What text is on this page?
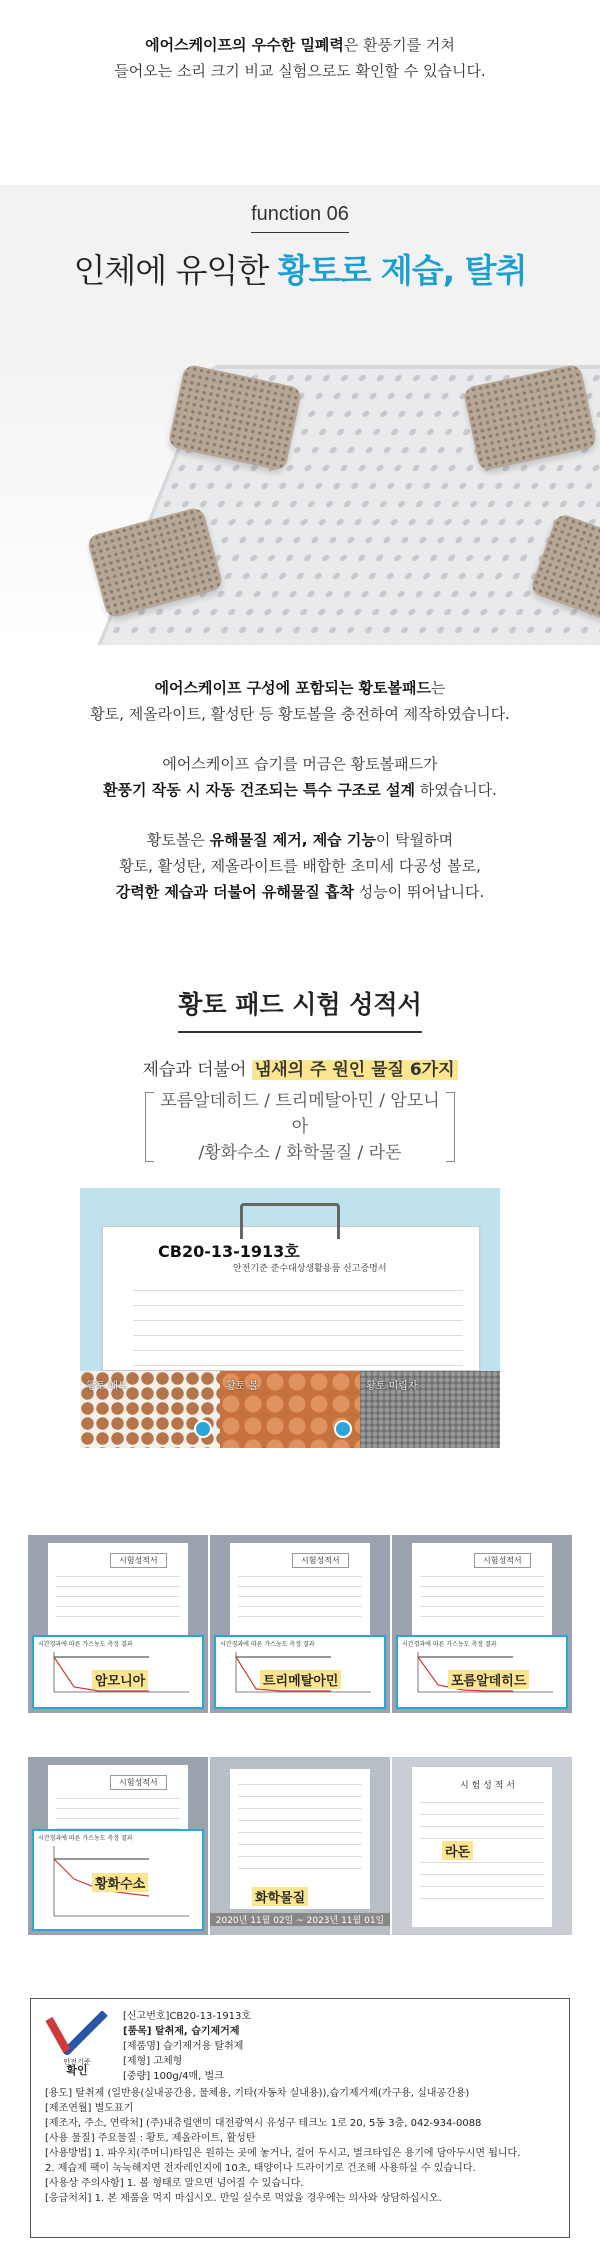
에어스케이프의 우수한 밀폐력은 환풍기를 거쳐
들어오는 소리 크기 비교 실험으로도 확인할 수 있습니다.
function 06
인체에 유익한 황토로 제습, 탈취

에어스케이프 구성에 포함되는 황토볼패드는
황토, 제올라이트, 활성탄 등 황토볼을 충전하여 제작하였습니다.

에어스케이프 습기를 머금은 황토볼패드가
환풍기 작동 시 자동 건조되는 특수 구조로 설계 하였습니다.

황토볼은 유해물질 제거, 제습 기능이 탁월하며
황토, 활성탄, 제올라이트를 배합한 초미세 다공성 볼로,
강력한 제습과 더불어 유해물질 흡착 성능이 뛰어납니다.

황토 패드 시험 성적서
제습과 더불어 냄새의 주 원인 물질 6가지
포름알데히드 / 트리메탈아민 / 암모니아
/황화수소 / 화학물질 / 라돈
CB20-13-1913호
안전기준 준수대상생활용품 신고증명서
황토 패드	황토 볼	황토 미립자
시험성적서
시간경과에 따른 가스농도 측정 결과
암모니아
시험성적서
시간경과에 따른 가스농도 측정 결과
트리메탈아민
시험성적서
시간경과에 따른 가스농도 측정 결과
포름알데히드
시험성적서
시간경과에 따른 가스농도 측정 결과
황화수소
화학물질
2020년 11월 02일 ~ 2023년 11월 01일
시 험 성 적 서
라돈
안전기준
확인
[신고번호]CB20-13-1913호
[품목] 탈취제, 습기제거제
[제품명] 습기제거용 탈취제
[제형] 고체형
[중량] 100g/4매, 벌크
[용도] 탈취제 (일반용(실내공간용, 물체용, 기타(자동차 실내용)),습기제거제(가구용, 실내공간용)
[제조연월] 별도표기
[제조자, 주소, 연락처] (주)내츄럴앤미 대전광역시 유성구 테크노 1로 20, 5동 3층, 042-934-0088
[사용 물질] 주요물질 : 황토, 제올라이트, 활성탄
[사용방법] 1. 파우치(주머니)타입은 원하는 곳에 놓거나, 걸어 두시고, 벌크타입은 용기에 담아두시면 됩니다.
2. 제습제 팩이 눅눅해지면 전자레인지에 10초, 태양이나 드라이기로 건조해 사용하실 수 있습니다.
[사용상 주의사항] 1. 볼 형태로 말으면 넘어질 수 있습니다.
[응급처치] 1. 본 제품을 먹지 마십시오. 만일 실수로 먹었을 경우에는 의사와 상담하십시오.
